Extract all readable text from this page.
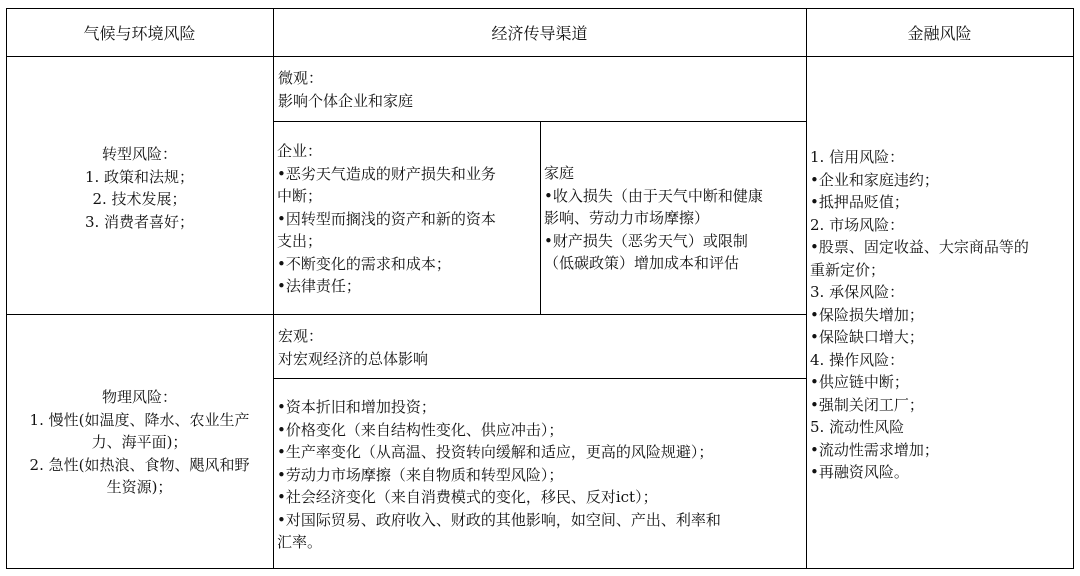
气候与环境风险	经济传导渠道	金融风险
转型风险：
1. 政策和法规；
2. 技术发展；
3. 消费者喜好；
物理风险：
1. 慢性(如温度、降水、农业生产
力、海平面)；
2. 急性(如热浪、食物、飓风和野
生资源)；
微观：
影响个体企业和家庭
企业：
•恶劣天气造成的财产损失和业务
中断；
•因转型而搁浅的资产和新的资本
支出；
•不断变化的需求和成本；
•法律责任；
家庭
•收入损失（由于天气中断和健康
影响、劳动力市场摩擦）
•财产损失（恶劣天气）或限制
（低碳政策）增加成本和评估
宏观：
对宏观经济的总体影响
•资本折旧和增加投资；
•价格变化（来自结构性变化、供应冲击）；
•生产率变化（从高温、投资转向缓解和适应，更高的风险规避）；
•劳动力市场摩擦（来自物质和转型风险）；
•社会经济变化（来自消费模式的变化，移民、反对ict）；
•对国际贸易、政府收入、财政的其他影响，如空间、产出、利率和
汇率。
1. 信用风险：
•企业和家庭违约；
•抵押品贬值；
2. 市场风险：
•股票、固定收益、大宗商品等的
重新定价；
3. 承保风险：
•保险损失增加；
•保险缺口增大；
4. 操作风险：
•供应链中断；
•强制关闭工厂；
5. 流动性风险
•流动性需求增加；
•再融资风险。
